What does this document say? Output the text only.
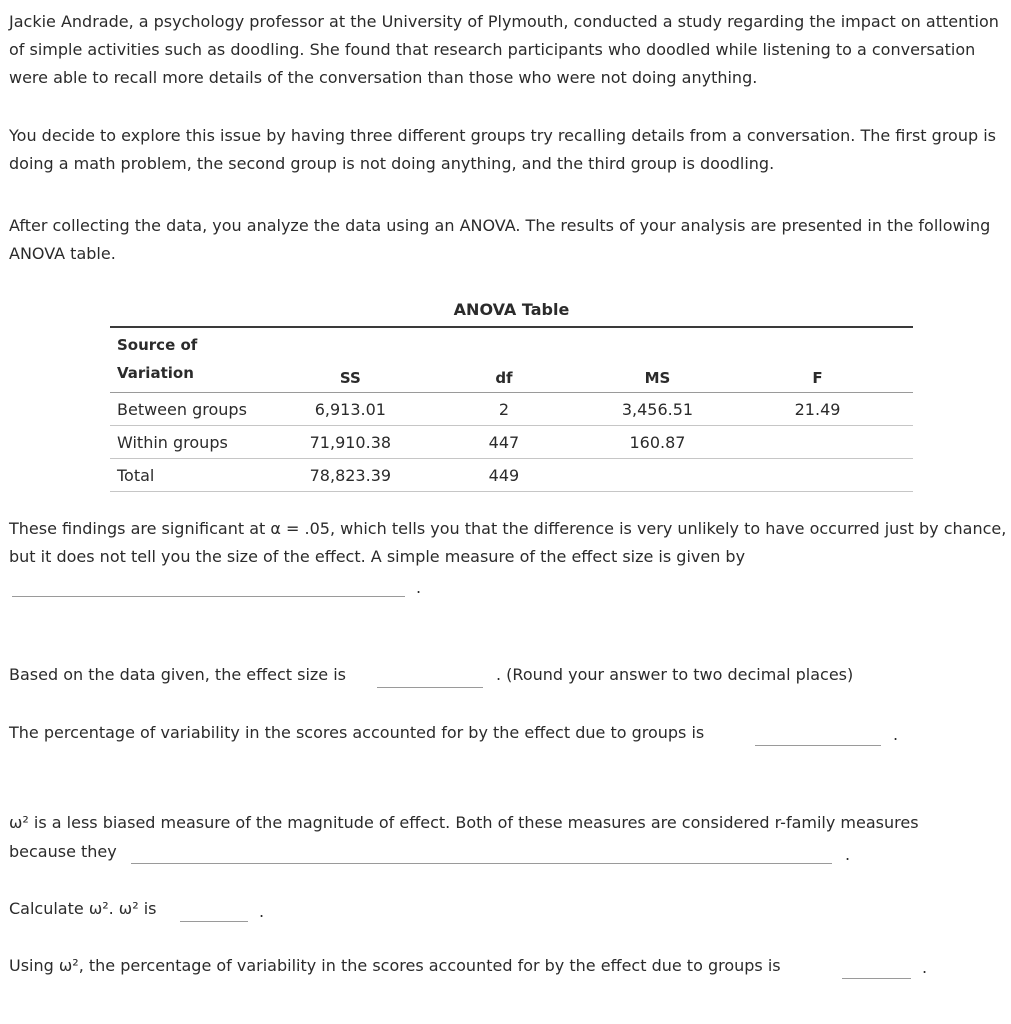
Jackie Andrade, a psychology professor at the University of Plymouth, conducted a study regarding the impact on attention of simple activities such as doodling. She found that research participants who doodled while listening to a conversation were able to recall more details of the conversation than those who were not doing anything.

You decide to explore this issue by having three different groups try recalling details from a conversation. The first group is doing a math problem, the second group is not doing anything, and the third group is doodling.

After collecting the data, you analyze the data using an ANOVA. The results of your analysis are presented in the following ANOVA table.

ANOVA Table
Source of
Variation	SS	df	MS	F
Between groups	6,913.01	2	3,456.51	21.49
Within groups	71,910.38	447	160.87	
Total	78,823.39	449		

These findings are significant at α = .05, which tells you that the difference is very unlikely to have occurred just by chance, but it does not tell you the size of the effect. A simple measure of the effect size is given by

.
Based on the data given, the effect size is	. (Round your answer to two decimal places)
The percentage of variability in the scores accounted for by the effect due to groups is	.
ω² is a less biased measure of the magnitude of effect. Both of these measures are considered r-family measures
because they	.
Calculate ω². ω² is	.
Using ω², the percentage of variability in the scores accounted for by the effect due to groups is	.
